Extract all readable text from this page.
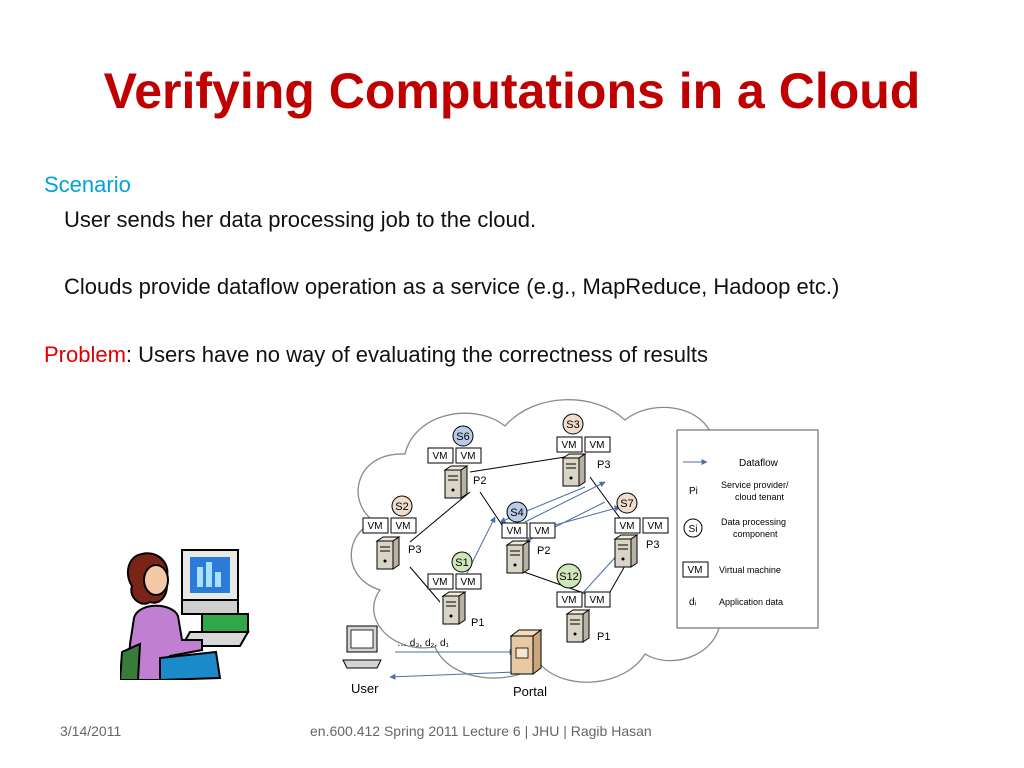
Verifying Computations in a Cloud
Scenario
User sends her data processing job to the cloud.
Clouds provide dataflow operation as a service (e.g., MapReduce, Hadoop etc.)
Problem: Users have no way of evaluating the correctness of results
S6
VM VM
P2
S3
VM VM
P3
S2
VM VM
P3
S4
VM VM
P2
S7
VM VM
P3
S1
VM VM
P1
S12
VM VM
P1
Portal
User
… d₃, d₂, d₁
Dataflow
Pi
Service provider/
cloud tenant
Si
Data processing
component
VM Virtual machine
dᵢ	Application data
3/14/2011	en.600.412 Spring 2011 Lecture 6 | JHU | Ragib Hasan
